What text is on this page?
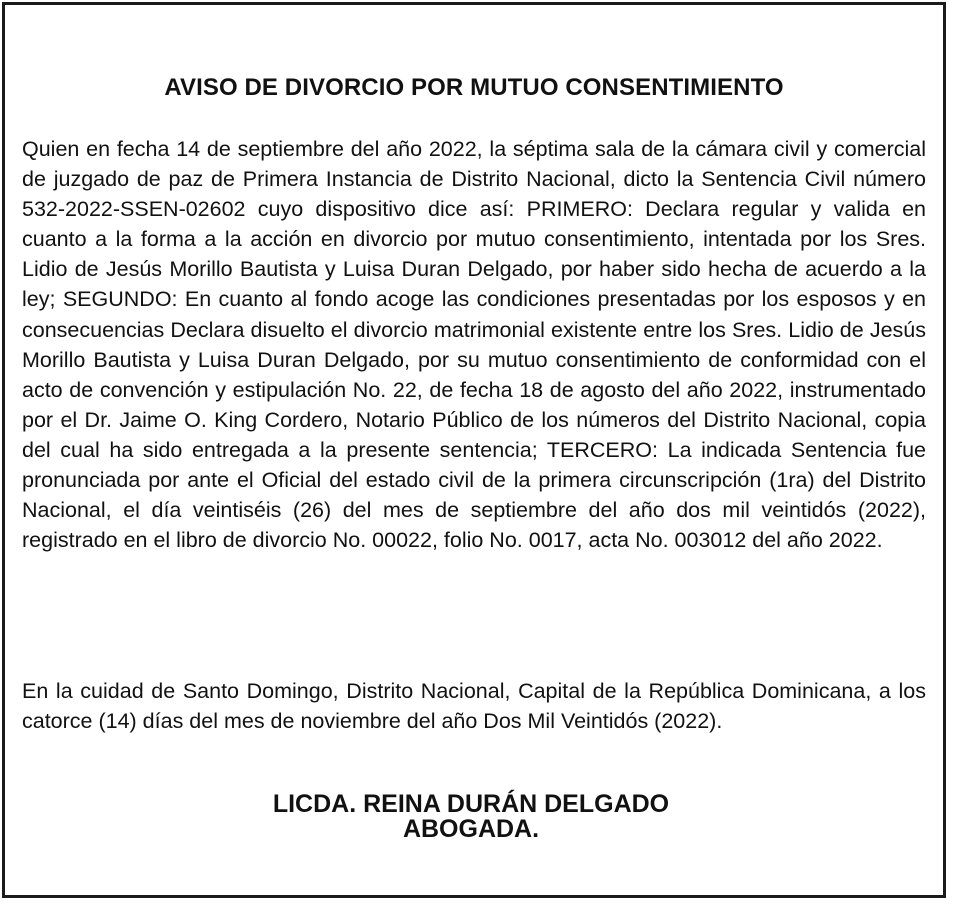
AVISO DE DIVORCIO POR MUTUO CONSENTIMIENTO

Quien en fecha 14 de septiembre del año 2022, la séptima sala de la cámara civil y comercial de juzgado de paz de Primera Instancia de Distrito Nacional, dicto la Sentencia Civil número 532-2022-SSEN-02602 cuyo dispositivo dice así: PRIMERO: Declara regular y valida en cuanto a la forma a la acción en divorcio por mutuo consentimiento, intentada por los Sres. Lidio de Jesús Morillo Bautista y Luisa Duran Delgado, por haber sido hecha de acuerdo a la ley; SEGUNDO: En cuanto al fondo acoge las condiciones presentadas por los esposos y en consecuencias Declara disuelto el divorcio matrimonial existente entre los Sres. Lidio de Jesús Morillo Bautista y Luisa Duran Delgado, por su mutuo consentimiento de conformidad con el acto de convención y estipulación No. 22, de fecha 18 de agosto del año 2022, instrumentado por el Dr. Jaime O. King Cordero, Notario Público de los números del Distrito Nacional, copia del cual ha sido entregada a la presente sentencia; TERCERO: La indicada Sentencia fue pronunciada por ante el Oficial del estado civil de la primera circunscripción (1ra) del Distrito Nacional, el día veintiséis (26) del mes de septiembre del año dos mil veintidós (2022), registrado en el libro de divorcio No. 00022, folio No. 0017, acta No. 003012 del año 2022.

En la cuidad de Santo Domingo, Distrito Nacional, Capital de la República Dominicana, a los catorce (14) días del mes de noviembre del año Dos Mil Veintidós (2022).

LICDA. REINA DURÁN DELGADO
ABOGADA.
